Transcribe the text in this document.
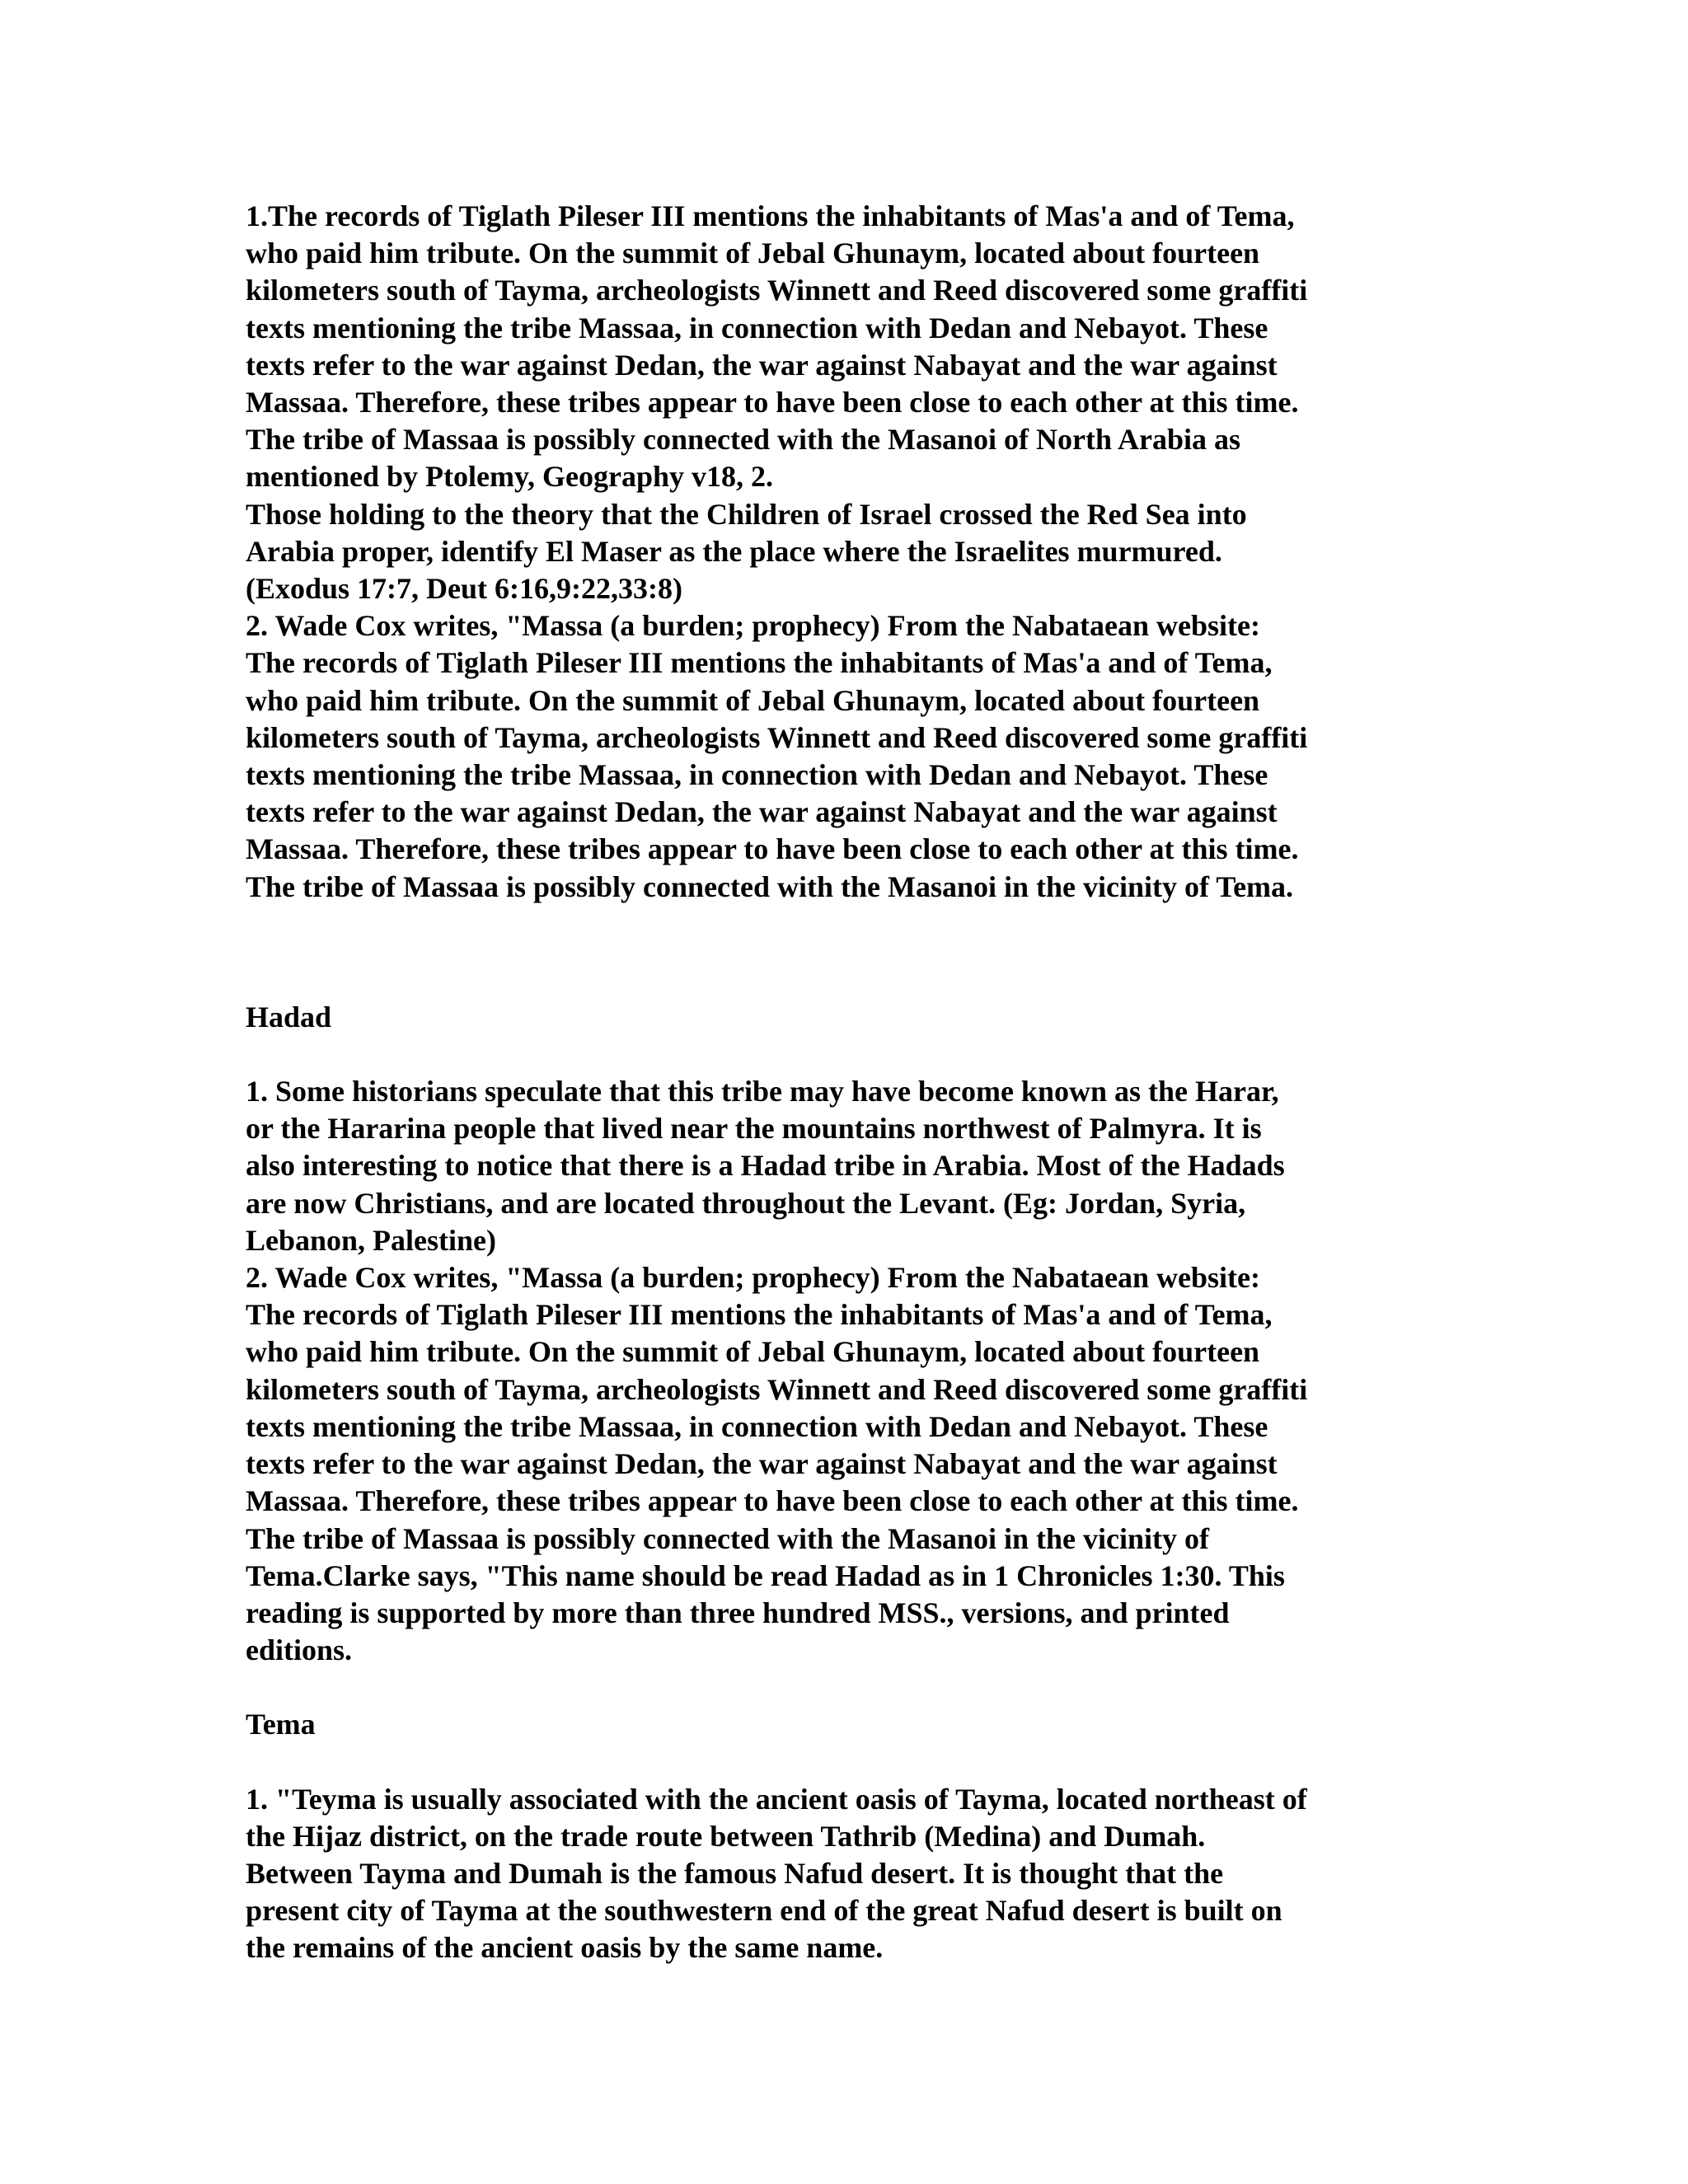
1.The records of Tiglath Pileser III mentions the inhabitants of Mas'a and of Tema,
who paid him tribute. On the summit of Jebal Ghunaym, located about fourteen
kilometers south of Tayma, archeologists Winnett and Reed discovered some graffiti
texts mentioning the tribe Massaa, in connection with Dedan and Nebayot. These
texts refer to the war against Dedan, the war against Nabayat and the war against
Massaa. Therefore, these tribes appear to have been close to each other at this time.
The tribe of Massaa is possibly connected with the Masanoi of North Arabia as
mentioned by Ptolemy, Geography v18, 2.

Those holding to the theory that the Children of Israel crossed the Red Sea into
Arabia proper, identify El Maser as the place where the Israelites murmured.
(Exodus 17:7, Deut 6:16,9:22,33:8)

2. Wade Cox writes, "Massa (a burden; prophecy) From the Nabataean website:
The records of Tiglath Pileser III mentions the inhabitants of Mas'a and of Tema,
who paid him tribute. On the summit of Jebal Ghunaym, located about fourteen
kilometers south of Tayma, archeologists Winnett and Reed discovered some graffiti
texts mentioning the tribe Massaa, in connection with Dedan and Nebayot. These
texts refer to the war against Dedan, the war against Nabayat and the war against
Massaa. Therefore, these tribes appear to have been close to each other at this time.
The tribe of Massaa is possibly connected with the Masanoi in the vicinity of Tema.

Hadad

1. Some historians speculate that this tribe may have become known as the Harar,
or the Hararina people that lived near the mountains northwest of Palmyra. It is
also interesting to notice that there is a Hadad tribe in Arabia. Most of the Hadads
are now Christians, and are located throughout the Levant. (Eg: Jordan, Syria,
Lebanon, Palestine)

2. Wade Cox writes, "Massa (a burden; prophecy) From the Nabataean website:
The records of Tiglath Pileser III mentions the inhabitants of Mas'a and of Tema,
who paid him tribute. On the summit of Jebal Ghunaym, located about fourteen
kilometers south of Tayma, archeologists Winnett and Reed discovered some graffiti
texts mentioning the tribe Massaa, in connection with Dedan and Nebayot. These
texts refer to the war against Dedan, the war against Nabayat and the war against
Massaa. Therefore, these tribes appear to have been close to each other at this time.
The tribe of Massaa is possibly connected with the Masanoi in the vicinity of
Tema.Clarke says, "This name should be read Hadad as in 1 Chronicles 1:30. This
reading is supported by more than three hundred MSS., versions, and printed
editions.

Tema

1. "Teyma is usually associated with the ancient oasis of Tayma, located northeast of
the Hijaz district, on the trade route between Tathrib (Medina) and Dumah.
Between Tayma and Dumah is the famous Nafud desert. It is thought that the
present city of Tayma at the southwestern end of the great Nafud desert is built on
the remains of the ancient oasis by the same name.
